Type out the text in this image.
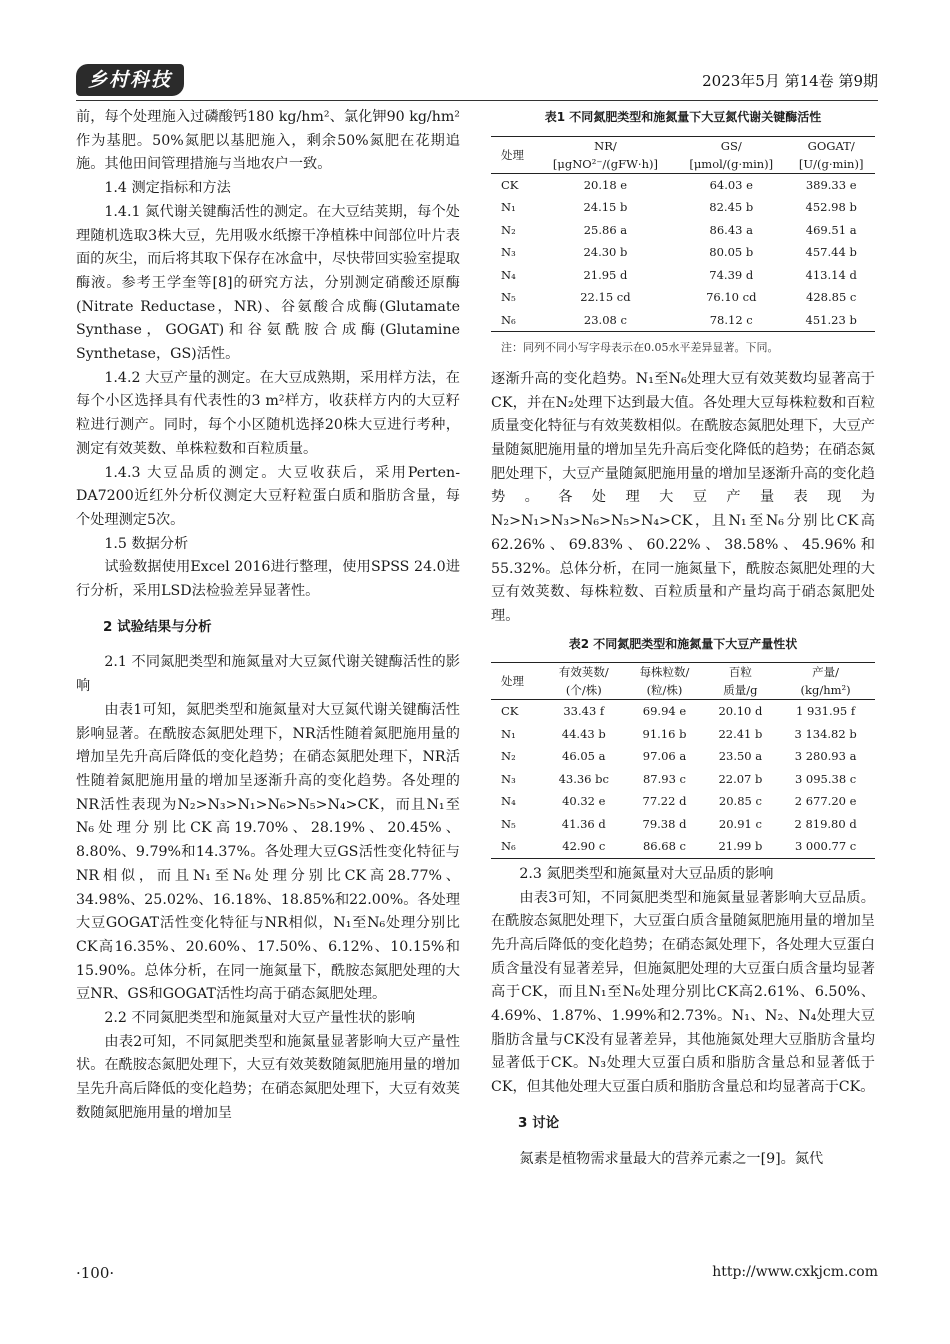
乡村科技	2023年5月 第14卷 第9期

前，每个处理施入过磷酸钙180 kg/hm²、氯化钾90 kg/hm²作为基肥。50%氮肥以基肥施入，剩余50%氮肥在花期追施。其他田间管理措施与当地农户一致。

1.4 测定指标和方法

1.4.1 氮代谢关键酶活性的测定。在大豆结荚期，每个处理随机选取3株大豆，先用吸水纸擦干净植株中间部位叶片表面的灰尘，而后将其取下保存在冰盒中，尽快带回实验室提取酶液。参考王学奎等[8]的研究方法，分别测定硝酸还原酶(Nitrate Reductase，NR)、谷氨酸合成酶(Glutamate Synthase，GOGAT)和谷氨酰胺合成酶(Glutamine Synthetase，GS)活性。

1.4.2 大豆产量的测定。在大豆成熟期，采用样方法，在每个小区选择具有代表性的3 m²样方，收获样方内的大豆籽粒进行测产。同时，每个小区随机选择20株大豆进行考种，测定有效荚数、单株粒数和百粒质量。

1.4.3 大豆品质的测定。大豆收获后，采用Perten-DA7200近红外分析仪测定大豆籽粒蛋白质和脂肪含量，每个处理测定5次。

1.5 数据分析

试验数据使用Excel 2016进行整理，使用SPSS 24.0进行分析，采用LSD法检验差异显著性。

2 试验结果与分析

2.1 不同氮肥类型和施氮量对大豆氮代谢关键酶活性的影响

由表1可知，氮肥类型和施氮量对大豆氮代谢关键酶活性影响显著。在酰胺态氮肥处理下，NR活性随着氮肥施用量的增加呈先升高后降低的变化趋势；在硝态氮肥处理下，NR活性随着氮肥施用量的增加呈逐渐升高的变化趋势。各处理的NR活性表现为N₂>N₃>N₁>N₆>N₅>N₄>CK，而且N₁至N₆处理分别比CK高19.70%、28.19%、20.45%、8.80%、9.79%和14.37%。各处理大豆GS活性变化特征与NR相似，而且N₁至N₆处理分别比CK高28.77%、34.98%、25.02%、16.18%、18.85%和22.00%。各处理大豆GOGAT活性变化特征与NR相似，N₁至N₆处理分别比CK高16.35%、20.60%、17.50%、6.12%、10.15%和15.90%。总体分析，在同一施氮量下，酰胺态氮肥处理的大豆NR、GS和GOGAT活性均高于硝态氮肥处理。

2.2 不同氮肥类型和施氮量对大豆产量性状的影响

由表2可知，不同氮肥类型和施氮量显著影响大豆产量性状。在酰胺态氮肥处理下，大豆有效荚数随氮肥施用量的增加呈先升高后降低的变化趋势；在硝态氮肥处理下，大豆有效荚数随氮肥施用量的增加呈

表1 不同氮肥类型和施氮量下大豆氮代谢关键酶活性

处理	NR/	GS/	GOGAT/
	[μgNO²⁻/(gFW·h)]	[μmol/(g·min)]	[U/(g·min)]
CK	20.18 e	64.03 e	389.33 e
N₁	24.15 b	82.45 b	452.98 b
N₂	25.86 a	86.43 a	469.51 a
N₃	24.30 b	80.05 b	457.44 b
N₄	21.95 d	74.39 d	413.14 d
N₅	22.15 cd	76.10 cd	428.85 c
N₆	23.08 c	78.12 c	451.23 b
注：同列不同小写字母表示在0.05水平差异显著。下同。

逐渐升高的变化趋势。N₁至N₆处理大豆有效荚数均显著高于CK，并在N₂处理下达到最大值。各处理大豆每株粒数和百粒质量变化特征与有效荚数相似。在酰胺态氮肥处理下，大豆产量随氮肥施用量的增加呈先升高后变化降低的趋势；在硝态氮肥处理下，大豆产量随氮肥施用量的增加呈逐渐升高的变化趋势。各处理大豆产量表现为N₂>N₁>N₃>N₆>N₅>N₄>CK，且N₁至N₆分别比CK高62.26%、69.83%、60.22%、38.58%、45.96%和55.32%。总体分析，在同一施氮量下，酰胺态氮肥处理的大豆有效荚数、每株粒数、百粒质量和产量均高于硝态氮肥处理。

表2 不同氮肥类型和施氮量下大豆产量性状

处理	有效荚数/	每株粒数/	百粒	产量/
	(个/株)	(粒/株)	质量/g	(kg/hm²)
CK	33.43 f	69.94 e	20.10 d	1 931.95 f
N₁	44.43 b	91.16 b	22.41 b	3 134.82 b
N₂	46.05 a	97.06 a	23.50 a	3 280.93 a
N₃	43.36 bc	87.93 c	22.07 b	3 095.38 c
N₄	40.32 e	77.22 d	20.85 c	2 677.20 e
N₅	41.36 d	79.38 d	20.91 c	2 819.80 d
N₆	42.90 c	86.68 c	21.99 b	3 000.77 c

2.3 氮肥类型和施氮量对大豆品质的影响

由表3可知，不同氮肥类型和施氮量显著影响大豆品质。在酰胺态氮肥处理下，大豆蛋白质含量随氮肥施用量的增加呈先升高后降低的变化趋势；在硝态氮处理下，各处理大豆蛋白质含量没有显著差异，但施氮肥处理的大豆蛋白质含量均显著高于CK，而且N₁至N₆处理分别比CK高2.61%、6.50%、4.69%、1.87%、1.99%和2.73%。N₁、N₂、N₄处理大豆脂肪含量与CK没有显著差异，其他施氮处理大豆脂肪含量均显著低于CK。N₃处理大豆蛋白质和脂肪含量总和显著低于CK，但其他处理大豆蛋白质和脂肪含量总和均显著高于CK。

3 讨论

氮素是植物需求量最大的营养元素之一[9]。氮代

·100·	http://www.cxkjcm.com
